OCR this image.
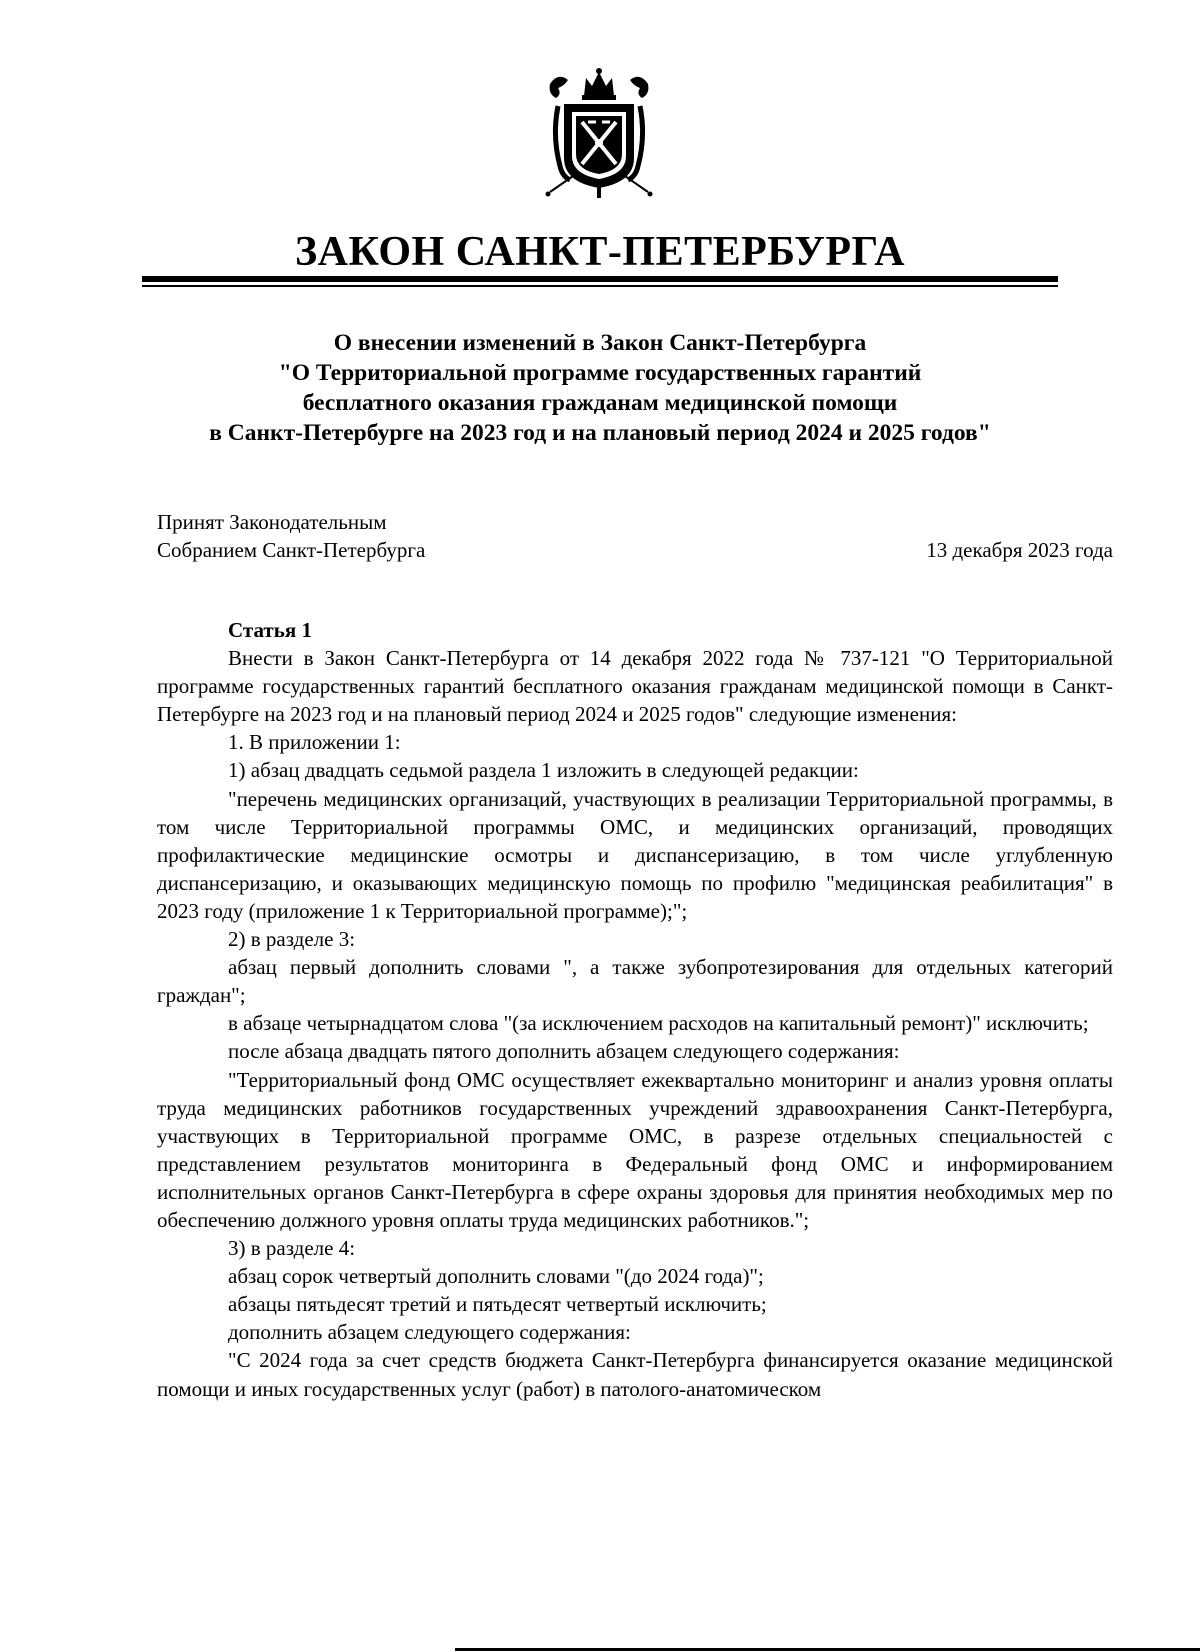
ЗАКОН САНКТ-ПЕТЕРБУРГА
О внесении изменений в Закон Санкт-Петербурга
"О Территориальной программе государственных гарантий
бесплатного оказания гражданам медицинской помощи
в Санкт-Петербурге на 2023 год и на плановый период 2024 и 2025 годов"
Принят Законодательным
Собранием Санкт-Петербурга	13 декабря 2023 года

Статья 1

Внести в Закон Санкт-Петербурга от 14 декабря 2022 года № 737-121 "О Территориальной программе государственных гарантий бесплатного оказания гражданам медицинской помощи в Санкт-Петербурге на 2023 год и на плановый период 2024 и 2025 годов" следующие изменения:

1. В приложении 1:

1) абзац двадцать седьмой раздела 1 изложить в следующей редакции:

"перечень медицинских организаций, участвующих в реализации Территориальной программы, в том числе Территориальной программы ОМС, и медицинских организаций, проводящих профилактические медицинские осмотры и диспансеризацию, в том числе углубленную диспансеризацию, и оказывающих медицинскую помощь по профилю "медицинская реабилитация" в 2023 году (приложение 1 к Территориальной программе);";

2) в разделе 3:

абзац первый дополнить словами ", а также зубопротезирования для отдельных категорий граждан";

в абзаце четырнадцатом слова "(за исключением расходов на капитальный ремонт)" исключить;

после абзаца двадцать пятого дополнить абзацем следующего содержания:

"Территориальный фонд ОМС осуществляет ежеквартально мониторинг и анализ уровня оплаты труда медицинских работников государственных учреждений здравоохранения Санкт-Петербурга, участвующих в Территориальной программе ОМС, в разрезе отдельных специальностей с представлением результатов мониторинга в Федеральный фонд ОМС и информированием исполнительных органов Санкт-Петербурга в сфере охраны здоровья для принятия необходимых мер по обеспечению должного уровня оплаты труда медицинских работников.";

3) в разделе 4:

абзац сорок четвертый дополнить словами "(до 2024 года)";

абзацы пятьдесят третий и пятьдесят четвертый исключить;

дополнить абзацем следующего содержания:

"С 2024 года за счет средств бюджета Санкт-Петербурга финансируется оказание медицинской помощи и иных государственных услуг (работ) в патолого-анатомическом
